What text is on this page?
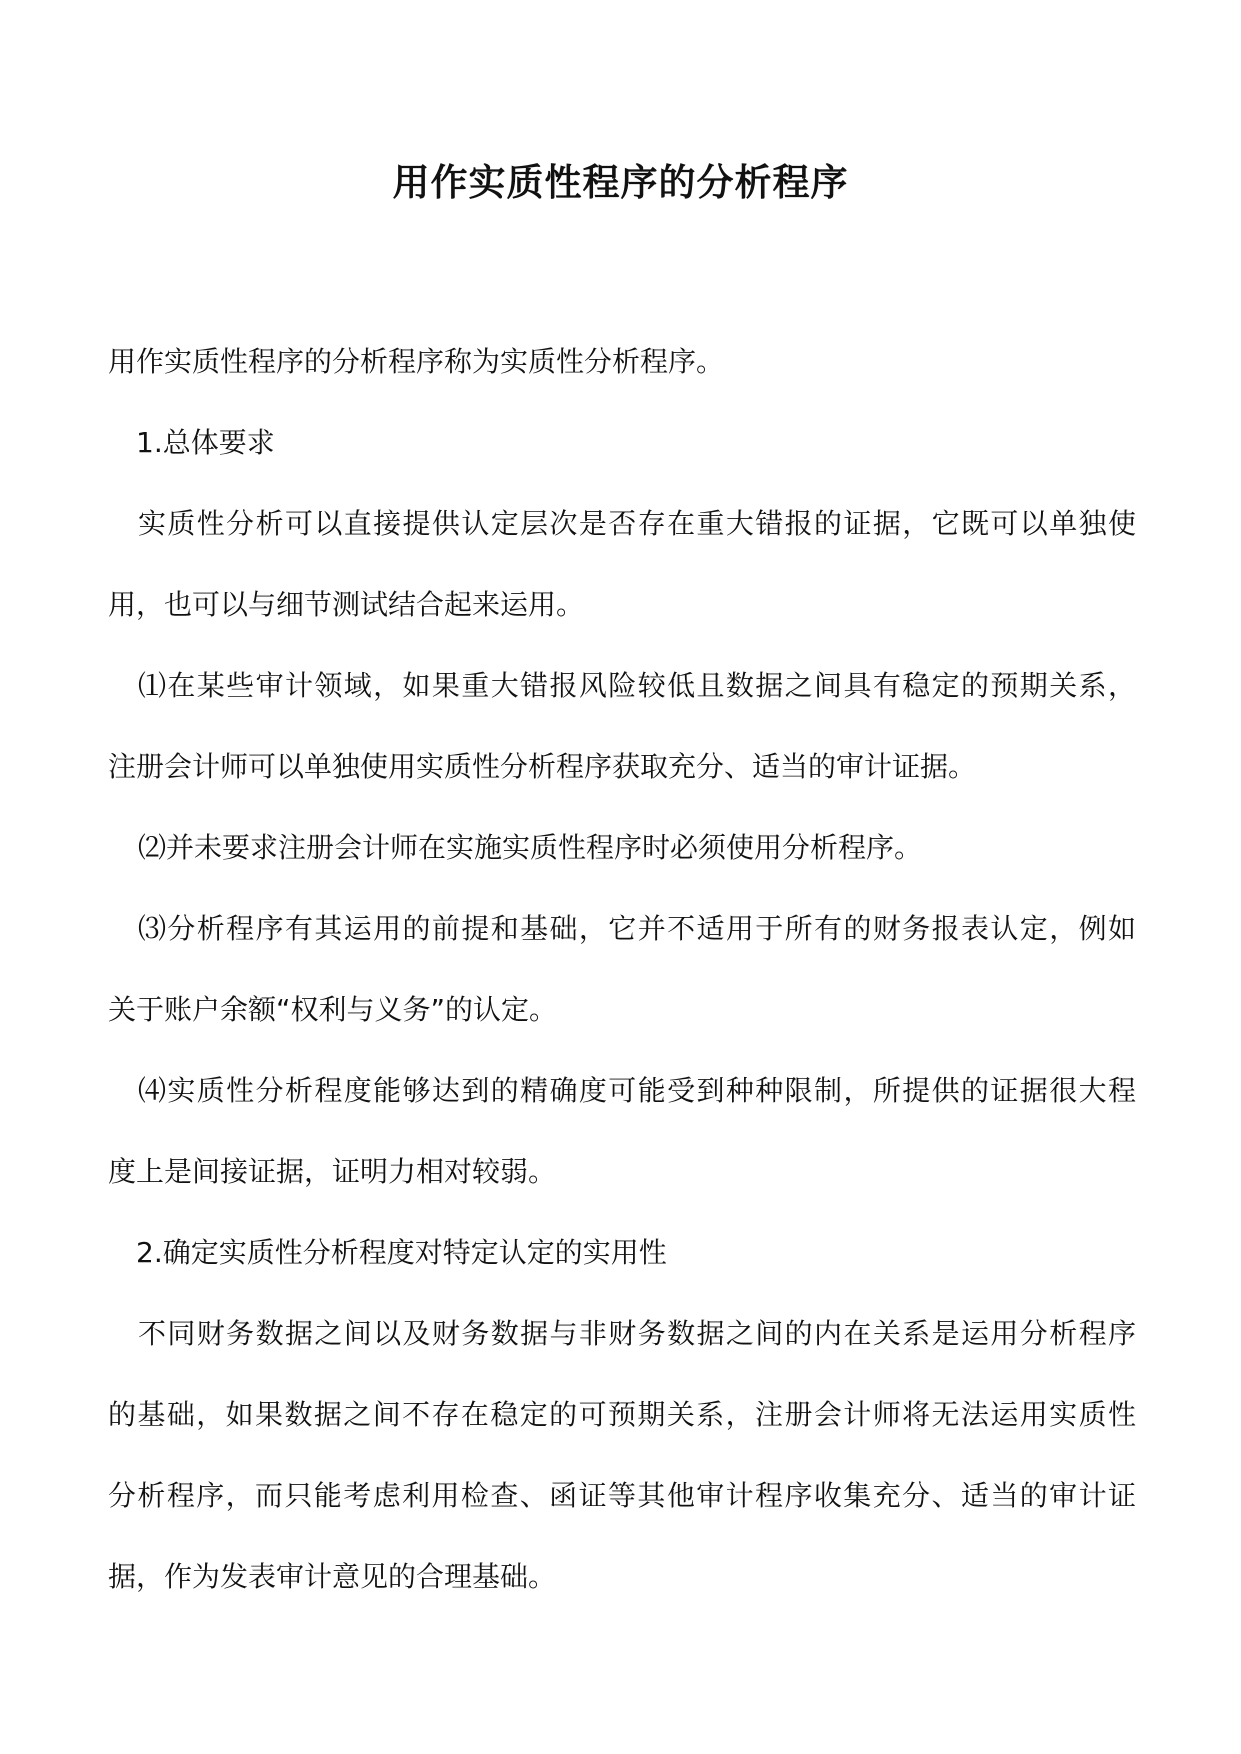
用作实质性程序的分析程序
用作实质性程序的分析程序称为实质性分析程序。
1.总体要求
实质性分析可以直接提供认定层次是否存在重大错报的证据，它既可以单独使
用，也可以与细节测试结合起来运用。
⑴在某些审计领域，如果重大错报风险较低且数据之间具有稳定的预期关系，
注册会计师可以单独使用实质性分析程序获取充分、适当的审计证据。
⑵并未要求注册会计师在实施实质性程序时必须使用分析程序。
⑶分析程序有其运用的前提和基础，它并不适用于所有的财务报表认定，例如
关于账户余额“权利与义务”的认定。
⑷实质性分析程度能够达到的精确度可能受到种种限制，所提供的证据很大程
度上是间接证据，证明力相对较弱。
2.确定实质性分析程度对特定认定的实用性
不同财务数据之间以及财务数据与非财务数据之间的内在关系是运用分析程序
的基础，如果数据之间不存在稳定的可预期关系，注册会计师将无法运用实质性
分析程序，而只能考虑利用检查、函证等其他审计程序收集充分、适当的审计证
据，作为发表审计意见的合理基础。
